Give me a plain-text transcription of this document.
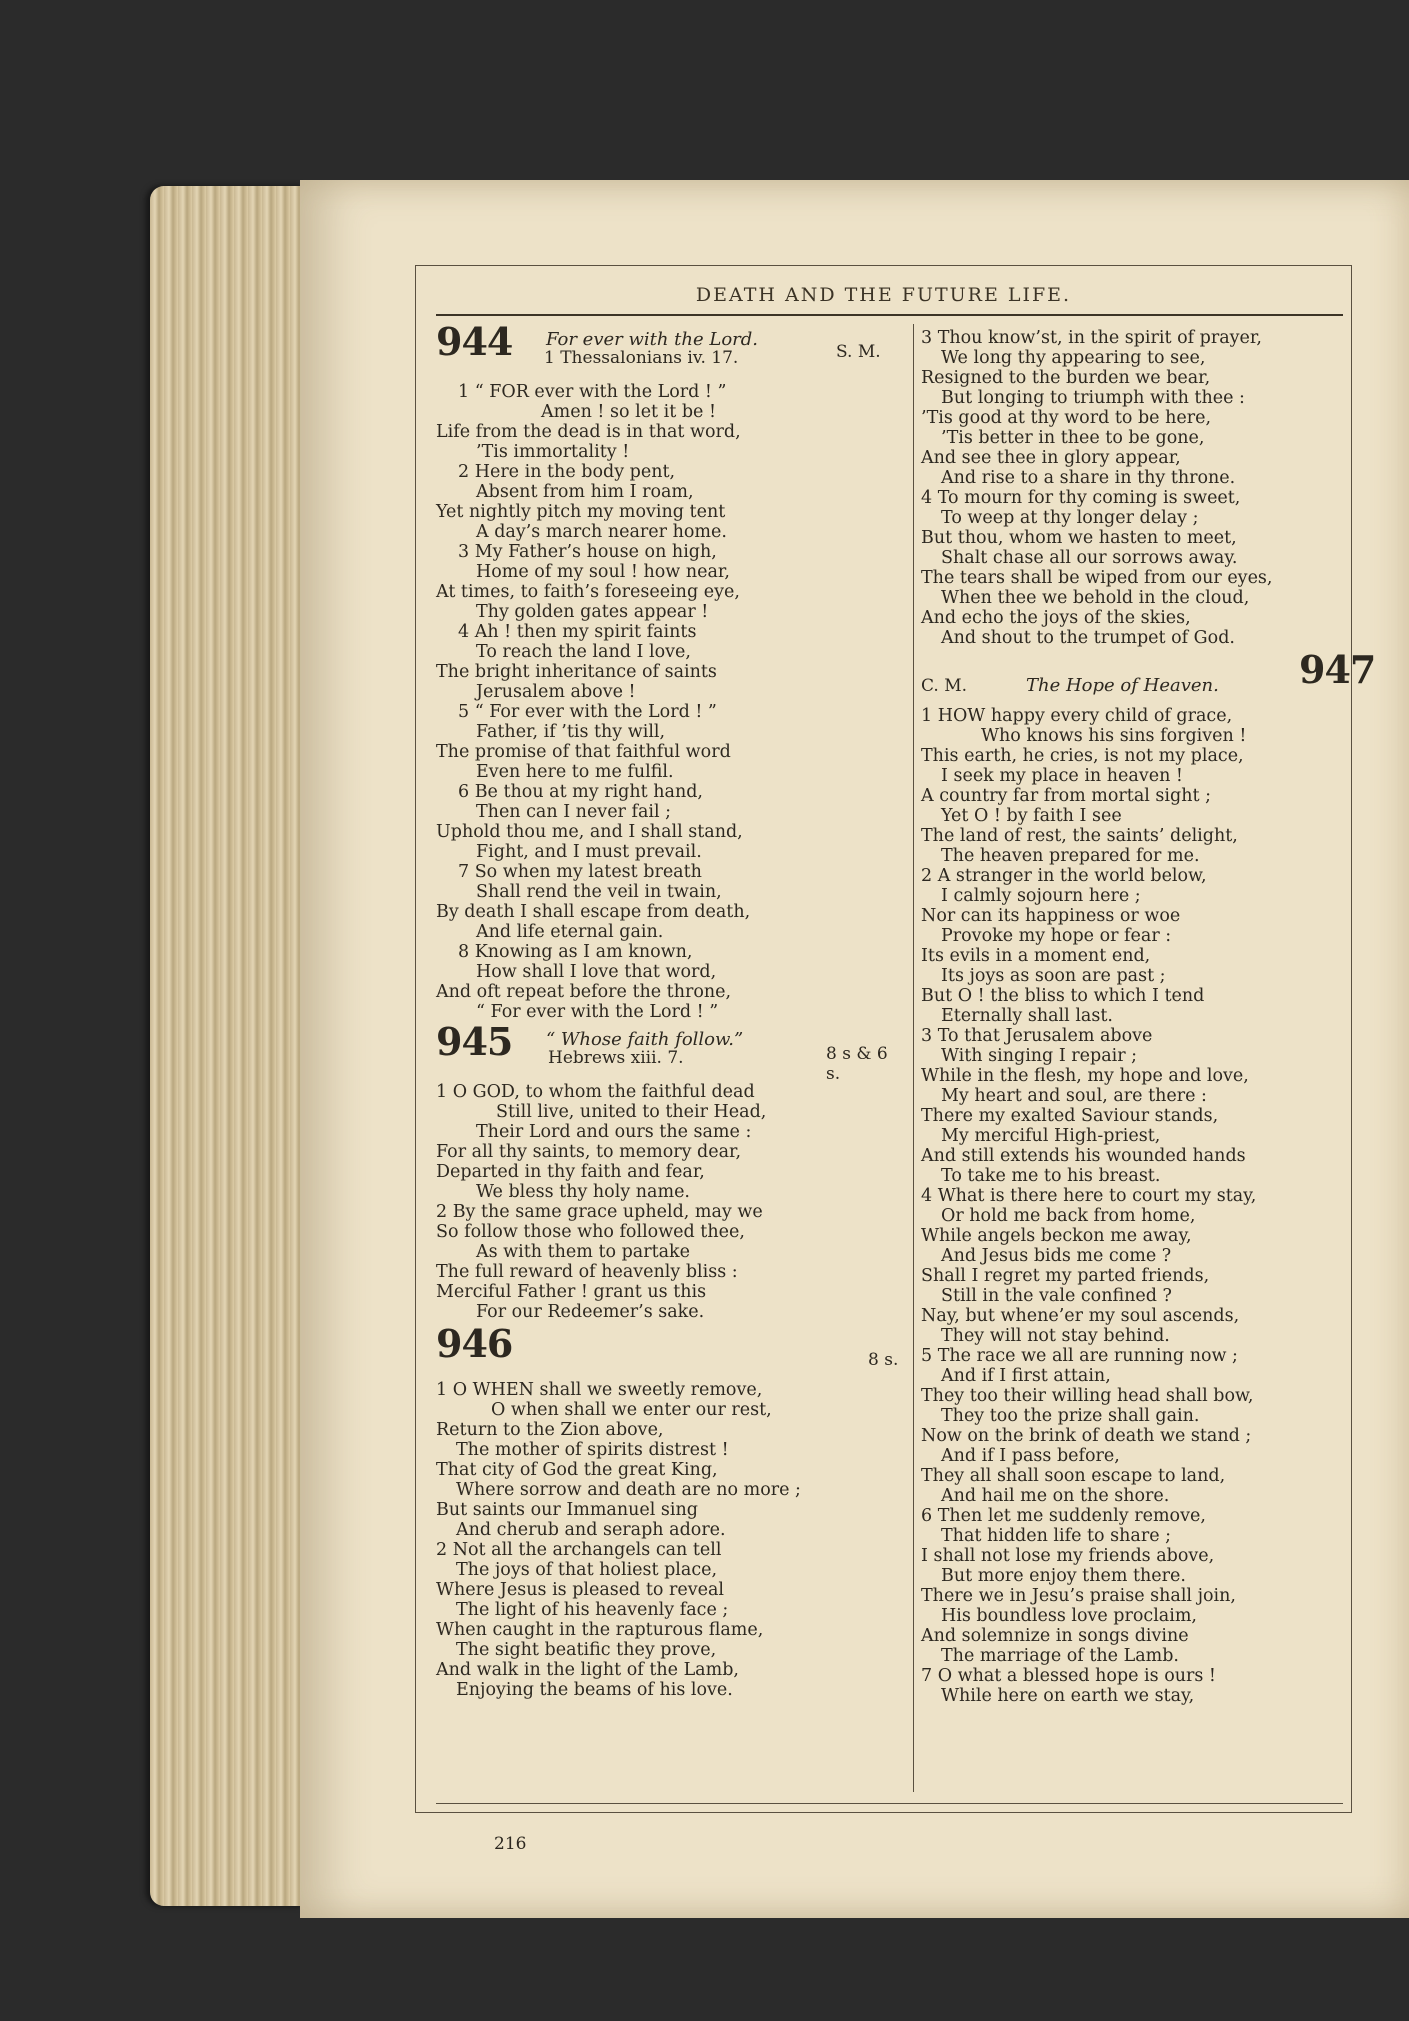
DEATH AND THE FUTURE LIFE.
944 For ever with the Lord.
1 Thessalonians iv. 17.	S. M.
1 “ FOR ever with the Lord ! ”
Amen ! so let it be !
Life from the dead is in that word,
’Tis immortality !
2 Here in the body pent,
Absent from him I roam,
Yet nightly pitch my moving tent
A day’s march nearer home.
3 My Father’s house on high,
Home of my soul ! how near,
At times, to faith’s foreseeing eye,
Thy golden gates appear !
4 Ah ! then my spirit faints
To reach the land I love,
The bright inheritance of saints
Jerusalem above !
5 “ For ever with the Lord ! ”
Father, if ’tis thy will,
The promise of that faithful word
Even here to me fulfil.
6 Be thou at my right hand,
Then can I never fail ;
Uphold thou me, and I shall stand,
Fight, and I must prevail.
7 So when my latest breath
Shall rend the veil in twain,
By death I shall escape from death,
And life eternal gain.
8 Knowing as I am known,
How shall I love that word,
And oft repeat before the throne,
“ For ever with the Lord ! ”
945 “ Whose faith follow.”
Hebrews xiii. 7.	8 s & 6 s.
1 O GOD, to whom the faithful dead
Still live, united to their Head,
Their Lord and ours the same :
For all thy saints, to memory dear,
Departed in thy faith and fear,
We bless thy holy name.
2 By the same grace upheld, may we
So follow those who followed thee,
As with them to partake
The full reward of heavenly bliss :
Merciful Father ! grant us this
For our Redeemer’s sake.
946	8 s.
1 O WHEN shall we sweetly remove,
O when shall we enter our rest,
Return to the Zion above,
The mother of spirits distrest !
That city of God the great King,
Where sorrow and death are no more ;
But saints our Immanuel sing
And cherub and seraph adore.
2 Not all the archangels can tell
The joys of that holiest place,
Where Jesus is pleased to reveal
The light of his heavenly face ;
When caught in the rapturous flame,
The sight beatific they prove,
And walk in the light of the Lamb,
Enjoying the beams of his love.
3 Thou know’st, in the spirit of prayer,
We long thy appearing to see,
Resigned to the burden we bear,
But longing to triumph with thee :
’Tis good at thy word to be here,
’Tis better in thee to be gone,
And see thee in glory appear,
And rise to a share in thy throne.
4 To mourn for thy coming is sweet,
To weep at thy longer delay ;
But thou, whom we hasten to meet,
Shalt chase all our sorrows away.
The tears shall be wiped from our eyes,
When thee we behold in the cloud,
And echo the joys of the skies,
And shout to the trumpet of God.
C. M.	The Hope of Heaven. 947
1 HOW happy every child of grace,
Who knows his sins forgiven !
This earth, he cries, is not my place,
I seek my place in heaven !
A country far from mortal sight ;
Yet O ! by faith I see
The land of rest, the saints’ delight,
The heaven prepared for me.
2 A stranger in the world below,
I calmly sojourn here ;
Nor can its happiness or woe
Provoke my hope or fear :
Its evils in a moment end,
Its joys as soon are past ;
But O ! the bliss to which I tend
Eternally shall last.
3 To that Jerusalem above
With singing I repair ;
While in the flesh, my hope and love,
My heart and soul, are there :
There my exalted Saviour stands,
My merciful High-priest,
And still extends his wounded hands
To take me to his breast.
4 What is there here to court my stay,
Or hold me back from home,
While angels beckon me away,
And Jesus bids me come ?
Shall I regret my parted friends,
Still in the vale confined ?
Nay, but whene’er my soul ascends,
They will not stay behind.
5 The race we all are running now ;
And if I first attain,
They too their willing head shall bow,
They too the prize shall gain.
Now on the brink of death we stand ;
And if I pass before,
They all shall soon escape to land,
And hail me on the shore.
6 Then let me suddenly remove,
That hidden life to share ;
I shall not lose my friends above,
But more enjoy them there.
There we in Jesu’s praise shall join,
His boundless love proclaim,
And solemnize in songs divine
The marriage of the Lamb.
7 O what a blessed hope is ours !
While here on earth we stay,
216
